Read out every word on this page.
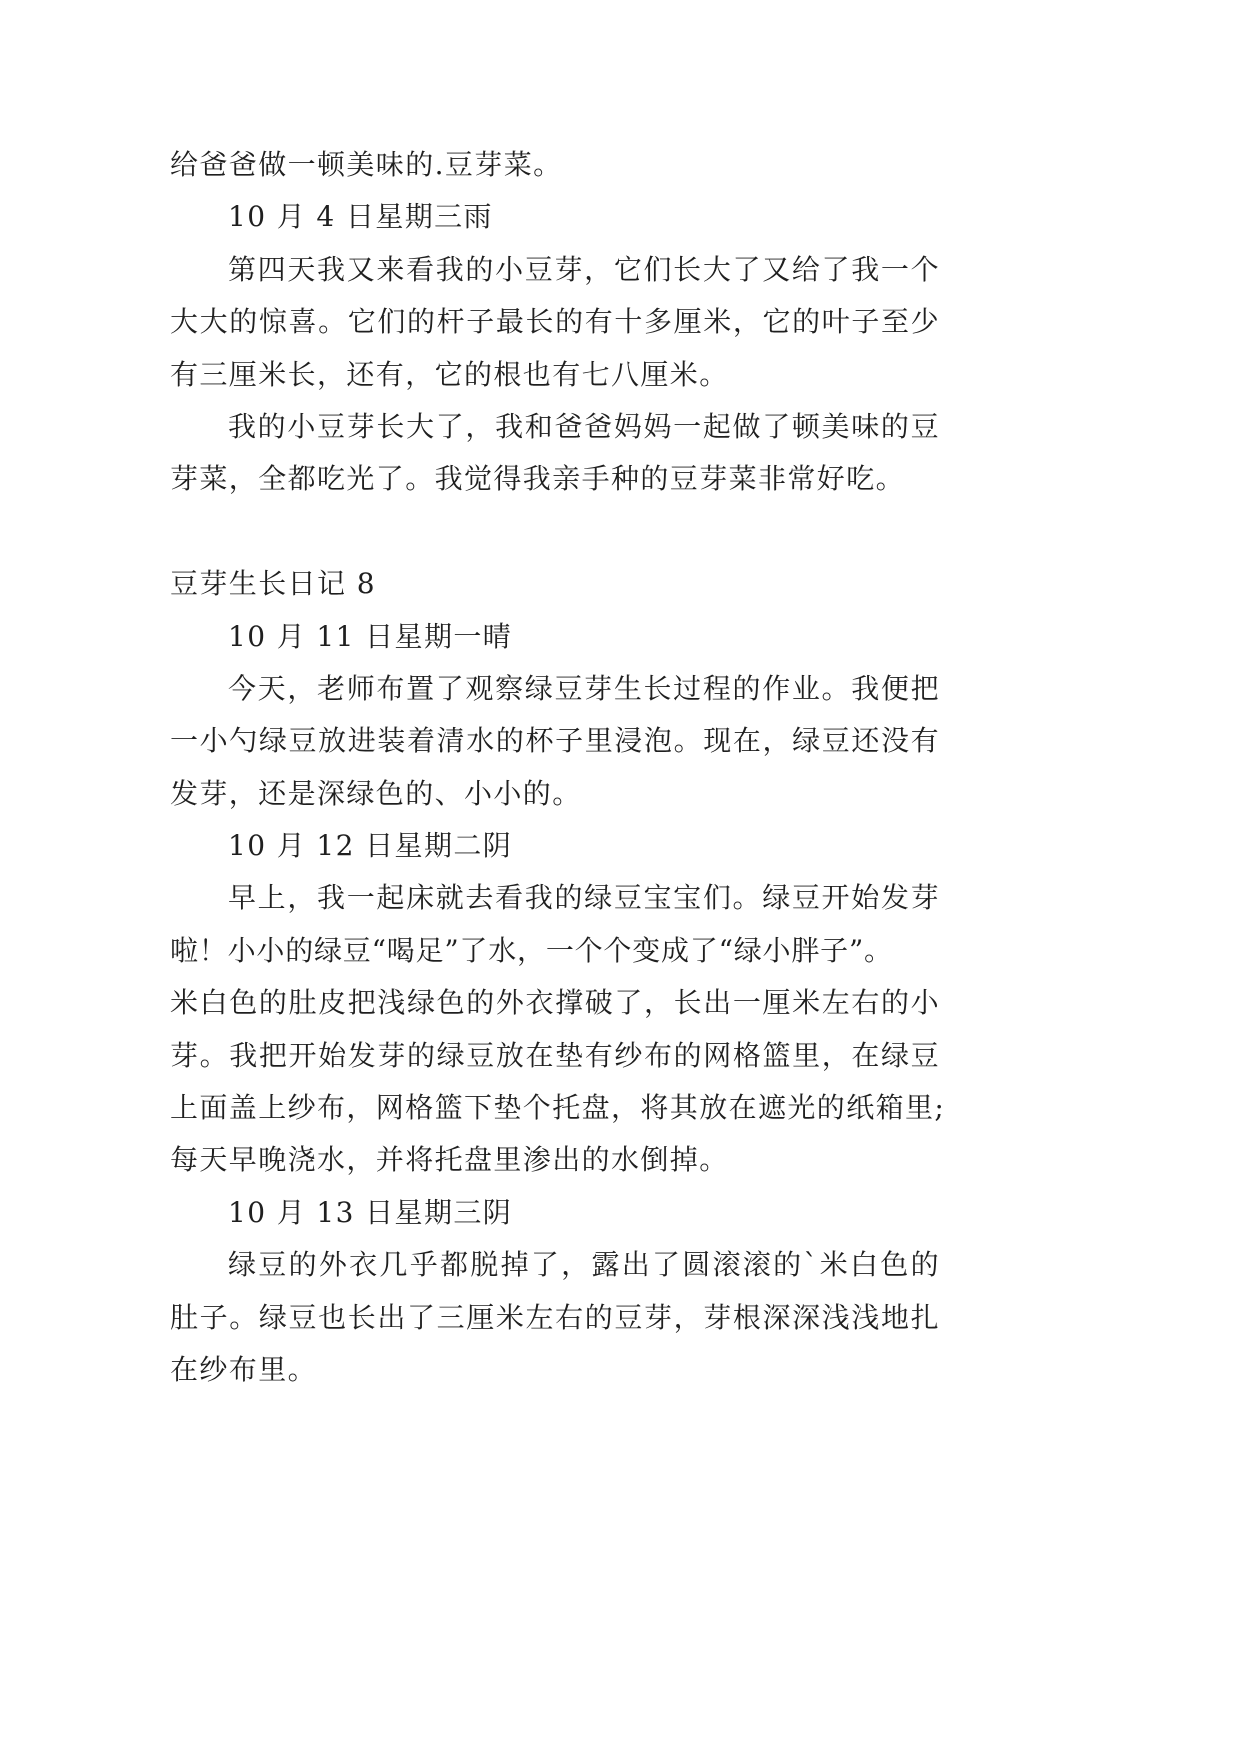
给爸爸做一顿美味的.豆芽菜。
10 月 4 日星期三雨
第四天我又来看我的小豆芽，它们长大了又给了我一个
大大的惊喜。它们的杆子最长的有十多厘米，它的叶子至少
有三厘米长，还有，它的根也有七八厘米。
我的小豆芽长大了，我和爸爸妈妈一起做了顿美味的豆
芽菜，全都吃光了。我觉得我亲手种的豆芽菜非常好吃。
豆芽生长日记 8
10 月 11 日星期一晴
今天，老师布置了观察绿豆芽生长过程的作业。我便把
一小勺绿豆放进装着清水的杯子里浸泡。现在，绿豆还没有
发芽，还是深绿色的、小小的。
10 月 12 日星期二阴
早上，我一起床就去看我的绿豆宝宝们。绿豆开始发芽
啦！小小的绿豆“喝足”了水，一个个变成了“绿小胖子”。
米白色的肚皮把浅绿色的外衣撑破了，长出一厘米左右的小
芽。我把开始发芽的绿豆放在垫有纱布的网格篮里，在绿豆
上面盖上纱布，网格篮下垫个托盘，将其放在遮光的纸箱里;
每天早晚浇水，并将托盘里渗出的水倒掉。
10 月 13 日星期三阴
绿豆的外衣几乎都脱掉了，露出了圆滚滚的`米白色的
肚子。绿豆也长出了三厘米左右的豆芽，芽根深深浅浅地扎
在纱布里。
